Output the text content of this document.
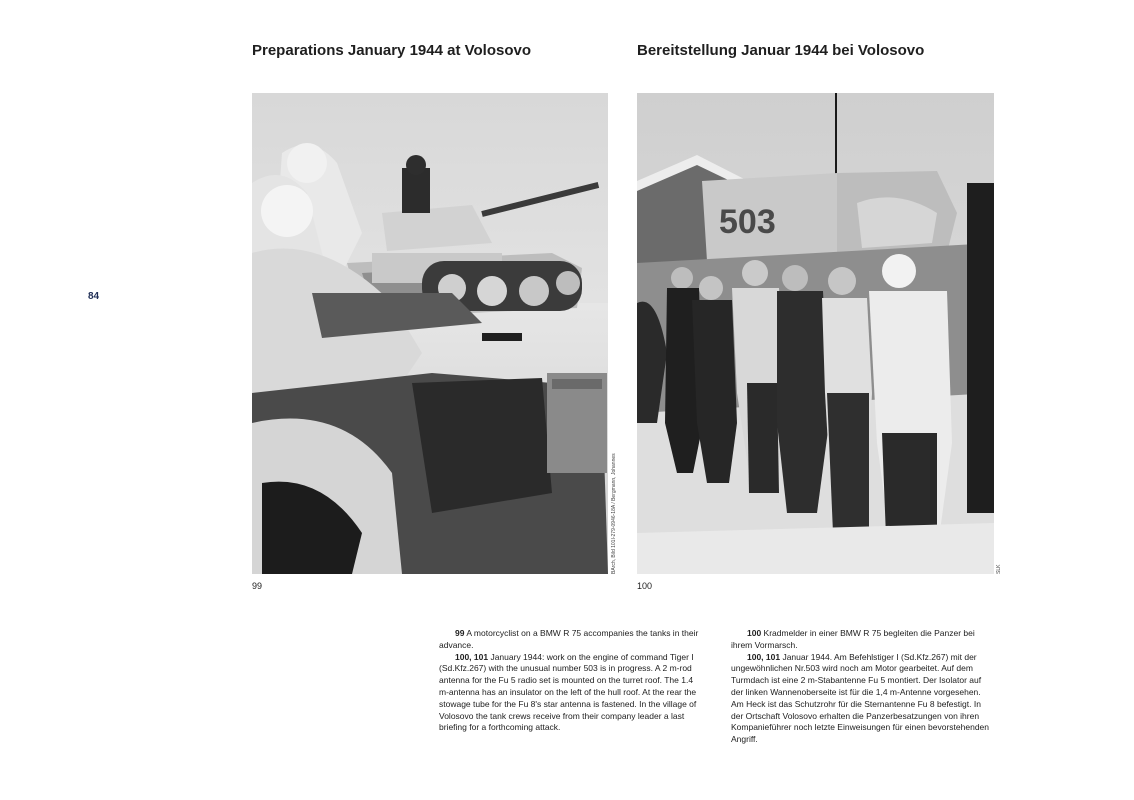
84
Preparations January 1944 at Volosovo	Bereitstellung Januar 1944 bei Volosovo
503
99	100
BArch, Bild 101I-279-0946-18A / Bergmann, Johannes	SLK

99 A motorcyclist on a BMW R 75 accompanies the tanks in their advance.

100, 101 January 1944: work on the engine of command Tiger I (Sd.Kfz.267) with the unusual number 503 is in progress. A 2 m-rod antenna for the Fu 5 radio set is mounted on the turret roof. The 1.4 m-antenna has an insulator on the left of the hull roof. At the rear the stowage tube for the Fu 8's star antenna is fastened. In the village of Volosovo the tank crews receive from their company leader a last briefing for a forthcoming attack.

100 Kradmelder in einer BMW R 75 begleiten die Panzer bei ihrem Vormarsch.

100, 101 Januar 1944. Am Befehlstiger I (Sd.Kfz.267) mit der ungewöhnlichen Nr.503 wird noch am Motor gearbeitet. Auf dem Turmdach ist eine 2 m-Stabantenne Fu 5 montiert. Der Isolator auf der linken Wannenoberseite ist für die 1,4 m-Antenne vorgesehen. Am Heck ist das Schutzrohr für die Sternantenne Fu 8 befestigt. In der Ortschaft Volosovo erhalten die Panzerbesatzungen von ihren Kompanieführer noch letzte Einweisungen für einen bevorstehenden Angriff.
